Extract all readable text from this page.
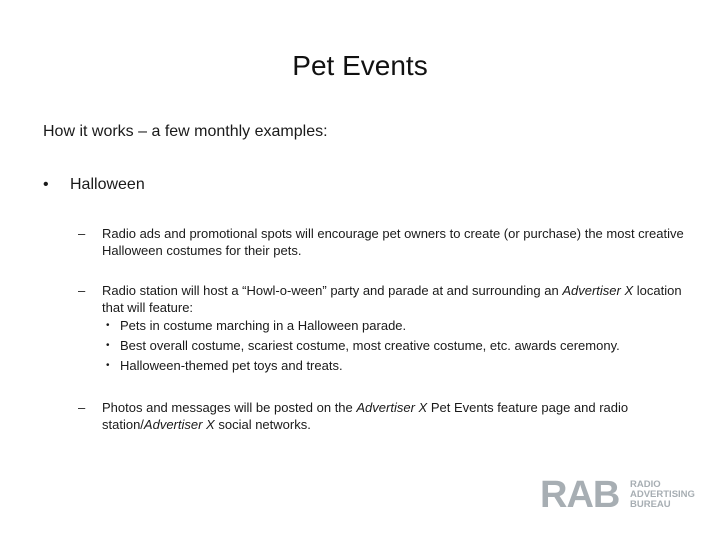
Pet Events
How it works – a few monthly examples:
• Halloween
– Radio ads and promotional spots will encourage pet owners to create (or purchase) the most creative Halloween costumes for their pets.
– Radio station will host a “Howl-o-ween” party and parade at and surrounding an Advertiser X location that will feature:
• Pets in costume marching in a Halloween parade.
• Best overall costume, scariest costume, most creative costume, etc. awards ceremony.
• Halloween-themed pet toys and treats.
– Photos and messages will be posted on the Advertiser X Pet Events feature page and radio station/Advertiser X social networks.
RAB RADIO
ADVERTISING
BUREAU
